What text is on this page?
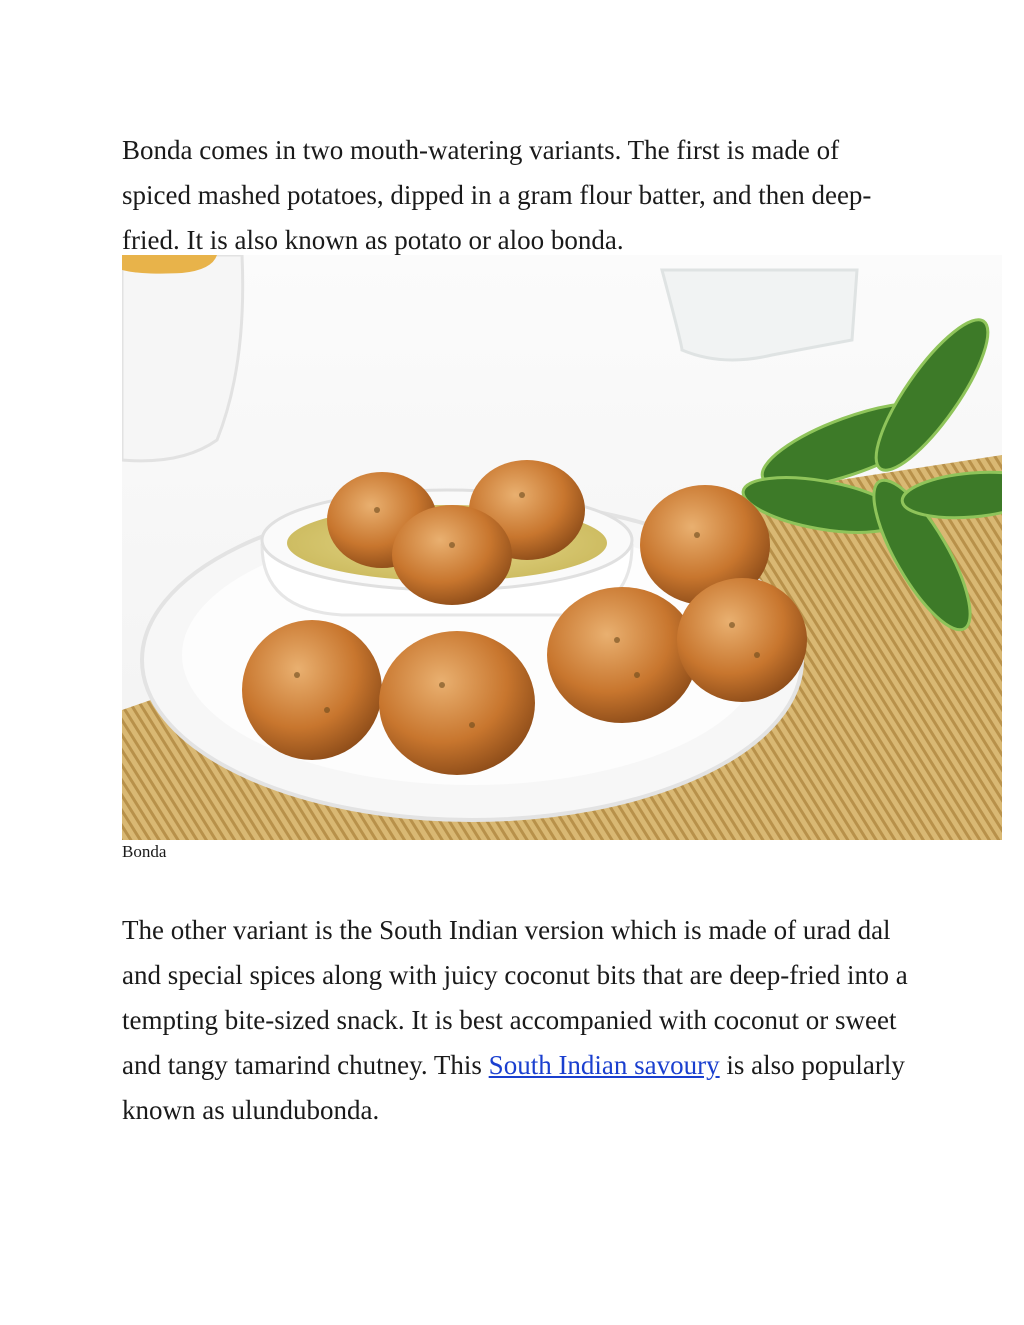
Bonda comes in two mouth-watering variants. The first is made of spiced mashed potatoes, dipped in a gram flour batter, and then deep-fried. It is also known as potato or aloo bonda.

Bonda

The other variant is the South Indian version which is made of urad dal and special spices along with juicy coconut bits that are deep-fried into a tempting bite-sized snack. It is best accompanied with coconut or sweet and tangy tamarind chutney. This South Indian savoury is also popularly known as ulundubonda.
